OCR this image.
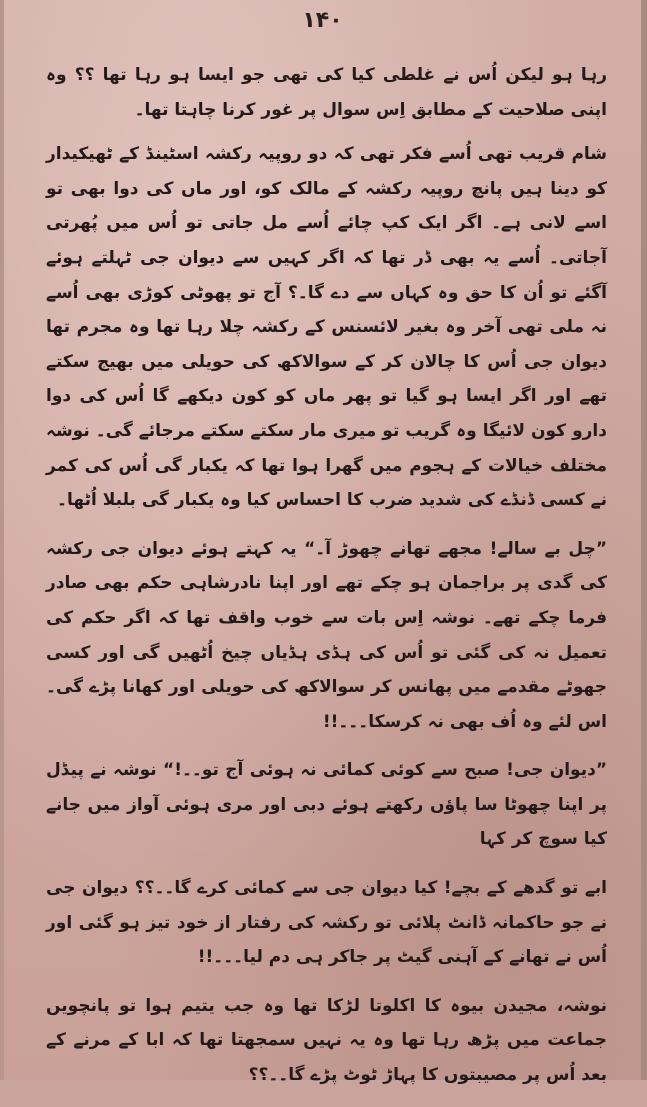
۱۴۰

رہا ہو لیکن اُس نے غلطی کیا کی تھی جو ایسا ہو رہا تھا ؟؟ وہ اپنی صلاحیت کے مطابق اِس سوال پر غور کرنا چاہتا تھا۔

شام قریب تھی اُسے فکر تھی کہ دو روپیہ رکشہ اسٹینڈ کے ٹھیکیدار کو دینا ہیں پانچ روپیہ رکشہ کے مالک کو، اور ماں کی دوا بھی تو اسے لانی ہے۔ اگر ایک کپ چائے اُسے مل جاتی تو اُس میں پُھرتی آجاتی۔ اُسے یہ بھی ڈر تھا کہ اگر کہیں سے دیوان جی ٹہلتے ہوئے آگئے تو اُن کا حق وہ کہاں سے دے گا۔؟ آج تو پھوٹی کوڑی بھی اُسے نہ ملی تھی آخر وہ بغیر لائسنس کے رکشہ چلا رہا تھا وہ مجرم تھا دیوان جی اُس کا چالان کر کے سوالاکھ کی حویلی میں بھیج سکتے تھے اور اگر ایسا ہو گیا تو پھر ماں کو کون دیکھے گا اُس کی دوا دارو کون لائیگا وہ گریب تو میری مار سکتے سکتے مرجائے گی۔ نوشہ مختلف خیالات کے ہجوم میں گھرا ہوا تھا کہ یکبار گی اُس کی کمر نے کسی ڈنڈے کی شدید ضرب کا احساس کیا وہ یکبار گی بلبلا اُٹھا۔

”چل بے سالے! مجھے تھانے چھوڑ آ۔“ یہ کہتے ہوئے دیوان جی رکشہ کی گدی پر براجمان ہو چکے تھے اور اپنا نادرشاہی حکم بھی صادر فرما چکے تھے۔ نوشہ اِس بات سے خوب واقف تھا کہ اگر حکم کی تعمیل نہ کی گئی تو اُس کی ہڈی ہڈیاں چیخ اُٹھیں گی اور کسی جھوٹے مقدمے میں پھانس کر سوالاکھ کی حویلی اور کھانا پڑے گی۔ اس لئے وہ اُف بھی نہ کرسکا۔۔۔!!

”دیوان جی! صبح سے کوئی کمائی نہ ہوئی آج تو۔۔!“ نوشہ نے پیڈل پر اپنا چھوٹا سا پاؤں رکھتے ہوئے دبی اور مری ہوئی آواز میں جانے کیا سوچ کر کہا

ابے تو گدھے کے بچے! کیا دیوان جی سے کمائی کرے گا۔۔؟؟ دیوان جی نے جو حاکمانہ ڈانٹ پلائی تو رکشہ کی رفتار از خود تیز ہو گئی اور اُس نے تھانے کے آہنی گیٹ پر جاکر ہی دم لیا۔۔۔!!

نوشہ، مجیدن بیوہ کا اکلوتا لڑکا تھا وہ جب یتیم ہوا تو پانچویں جماعت میں پڑھ رہا تھا وہ یہ نہیں سمجھتا تھا کہ ابا کے مرنے کے بعد اُس پر مصیبتوں کا پہاڑ ٹوٹ پڑے گا۔۔؟؟
